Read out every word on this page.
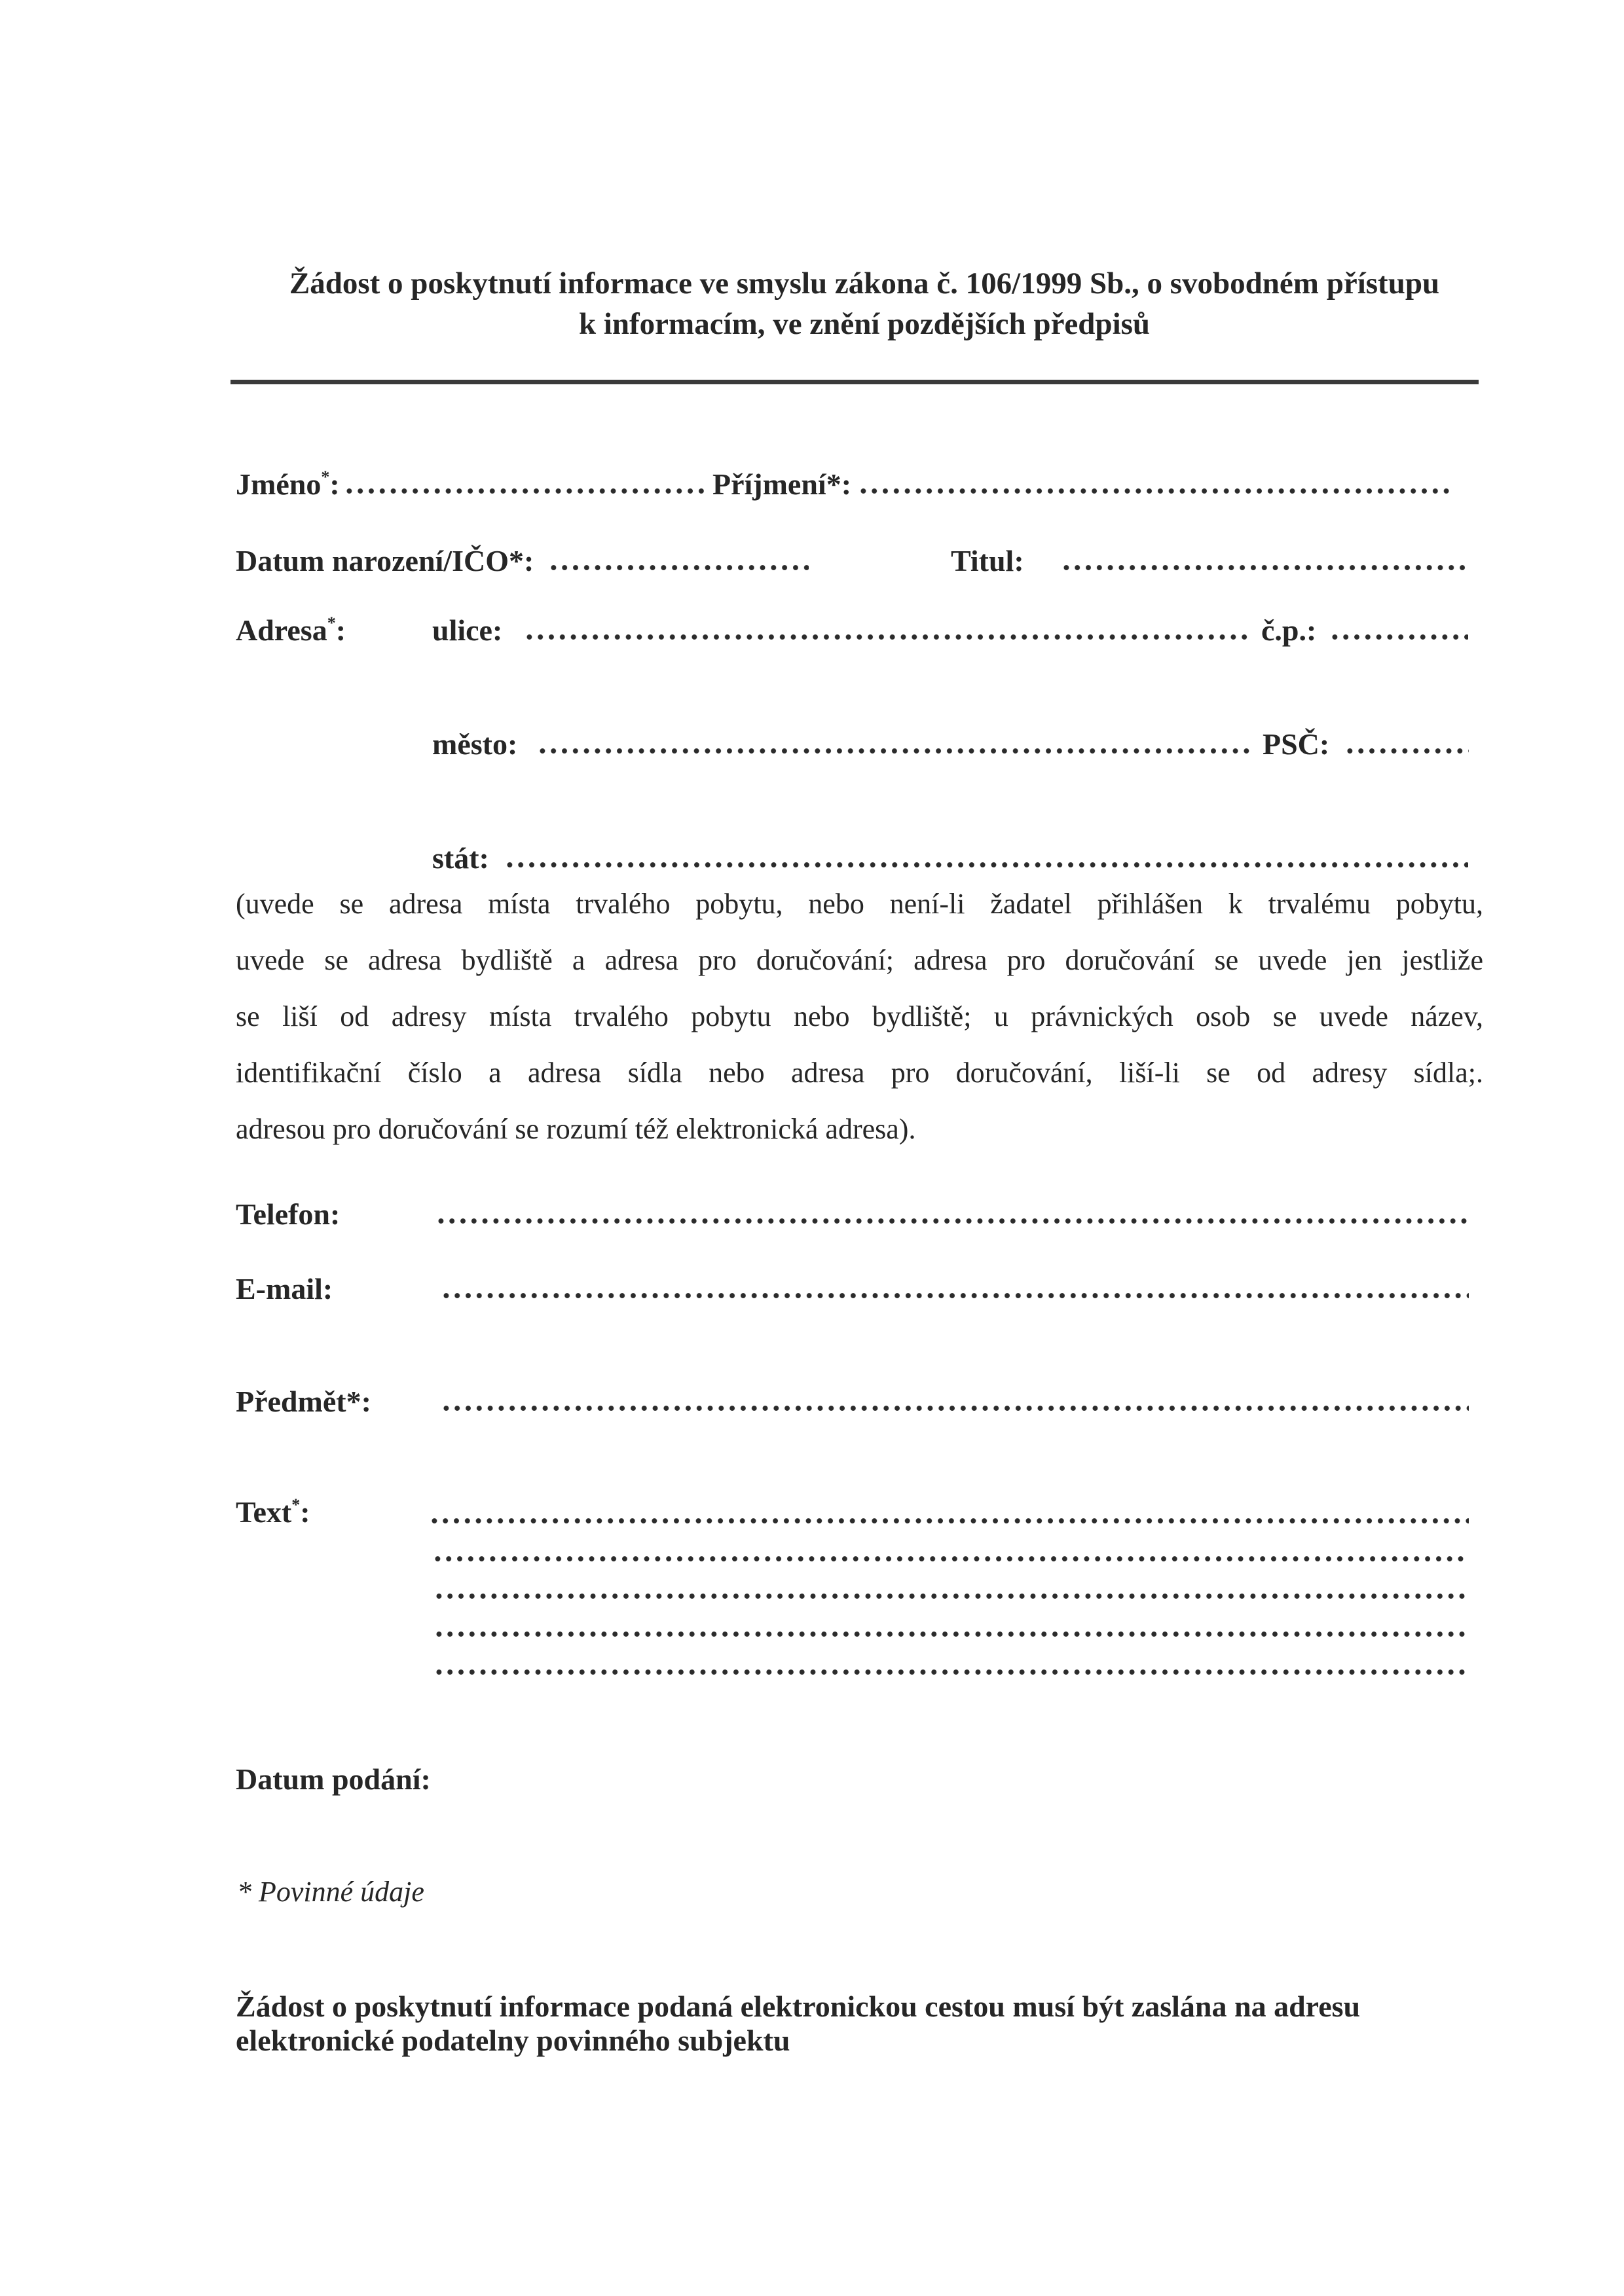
Žádost o poskytnutí informace ve smyslu zákona č. 106/1999 Sb., o svobodném přístupu
k informacím, ve znění pozdějších předpisů
Jméno*:	Příjmení*:
Datum narození/IČO*:	Titul:
Adresa*:	ulice:	č.p.:
město:	PSČ:
stát:
(uvede se adresa místa trvalého pobytu, nebo není-li žadatel přihlášen k trvalému pobytu,
uvede se adresa bydliště a adresa pro doručování; adresa pro doručování se uvede jen jestliže
se liší od adresy místa trvalého pobytu nebo bydliště; u právnických osob se uvede název,
identifikační číslo a adresa sídla nebo adresa pro doručování, liší-li se od adresy sídla;.
adresou pro doručování se rozumí též elektronická adresa).
Telefon:
E-mail:
Předmět*:
Text*:
Datum podání:
* Povinné údaje
Žádost o poskytnutí informace podaná elektronickou cestou musí být zaslána na adresu
elektronické podatelny povinného subjektu
